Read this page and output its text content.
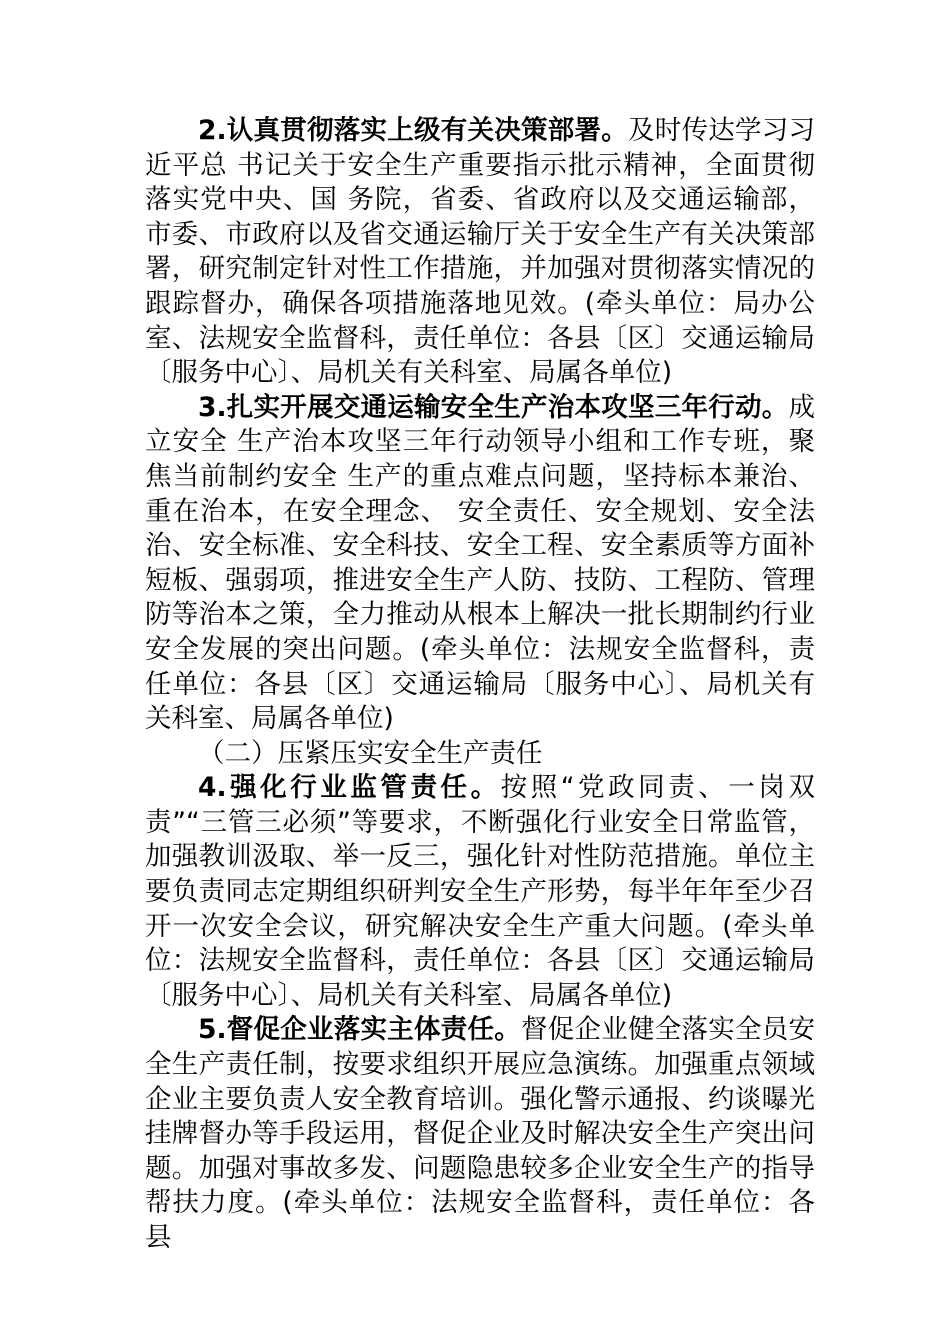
2.认真贯彻落实上级有关决策部署。及时传达学习习近平总 书记关于安全生产重要指示批示精神，全面贯彻落实党中央、国 务院，省委、省政府以及交通运输部，市委、市政府以及省交通运输厅关于安全生产有关决策部署，研究制定针对性工作措施，并加强对贯彻落实情况的跟踪督办，确保各项措施落地见效。(牵头单位：局办公室、法规安全监督科，责任单位：各县〔区〕交通运输局〔服务中心〕、局机关有关科室、局属各单位)

3.扎实开展交通运输安全生产治本攻坚三年行动。成立安全 生产治本攻坚三年行动领导小组和工作专班，聚焦当前制约安全 生产的重点难点问题，坚持标本兼治、重在治本，在安全理念、 安全责任、安全规划、安全法治、安全标准、安全科技、安全工程、安全素质等方面补短板、强弱项，推进安全生产人防、技防、工程防、管理防等治本之策，全力推动从根本上解决一批长期制约行业安全发展的突出问题。(牵头单位：法规安全监督科，责任单位：各县〔区〕交通运输局〔服务中心〕、局机关有关科室、局属各单位)

（二）压紧压实安全生产责任

4.强化行业监管责任。按照“党政同责、一岗双责”“三管三必须”等要求，不断强化行业安全日常监管，加强教训汲取、举一反三，强化针对性防范措施。单位主要负责同志定期组织研判安全生产形势，每半年年至少召开一次安全会议，研究解决安全生产重大问题。(牵头单位：法规安全监督科，责任单位：各县〔区〕交通运输局〔服务中心〕、局机关有关科室、局属各单位)

5.督促企业落实主体责任。督促企业健全落实全员安全生产责任制，按要求组织开展应急演练。加强重点领域企业主要负责人安全教育培训。强化警示通报、约谈曝光挂牌督办等手段运用，督促企业及时解决安全生产突出问题。加强对事故多发、问题隐患较多企业安全生产的指导帮扶力度。(牵头单位：法规安全监督科，责任单位：各县
